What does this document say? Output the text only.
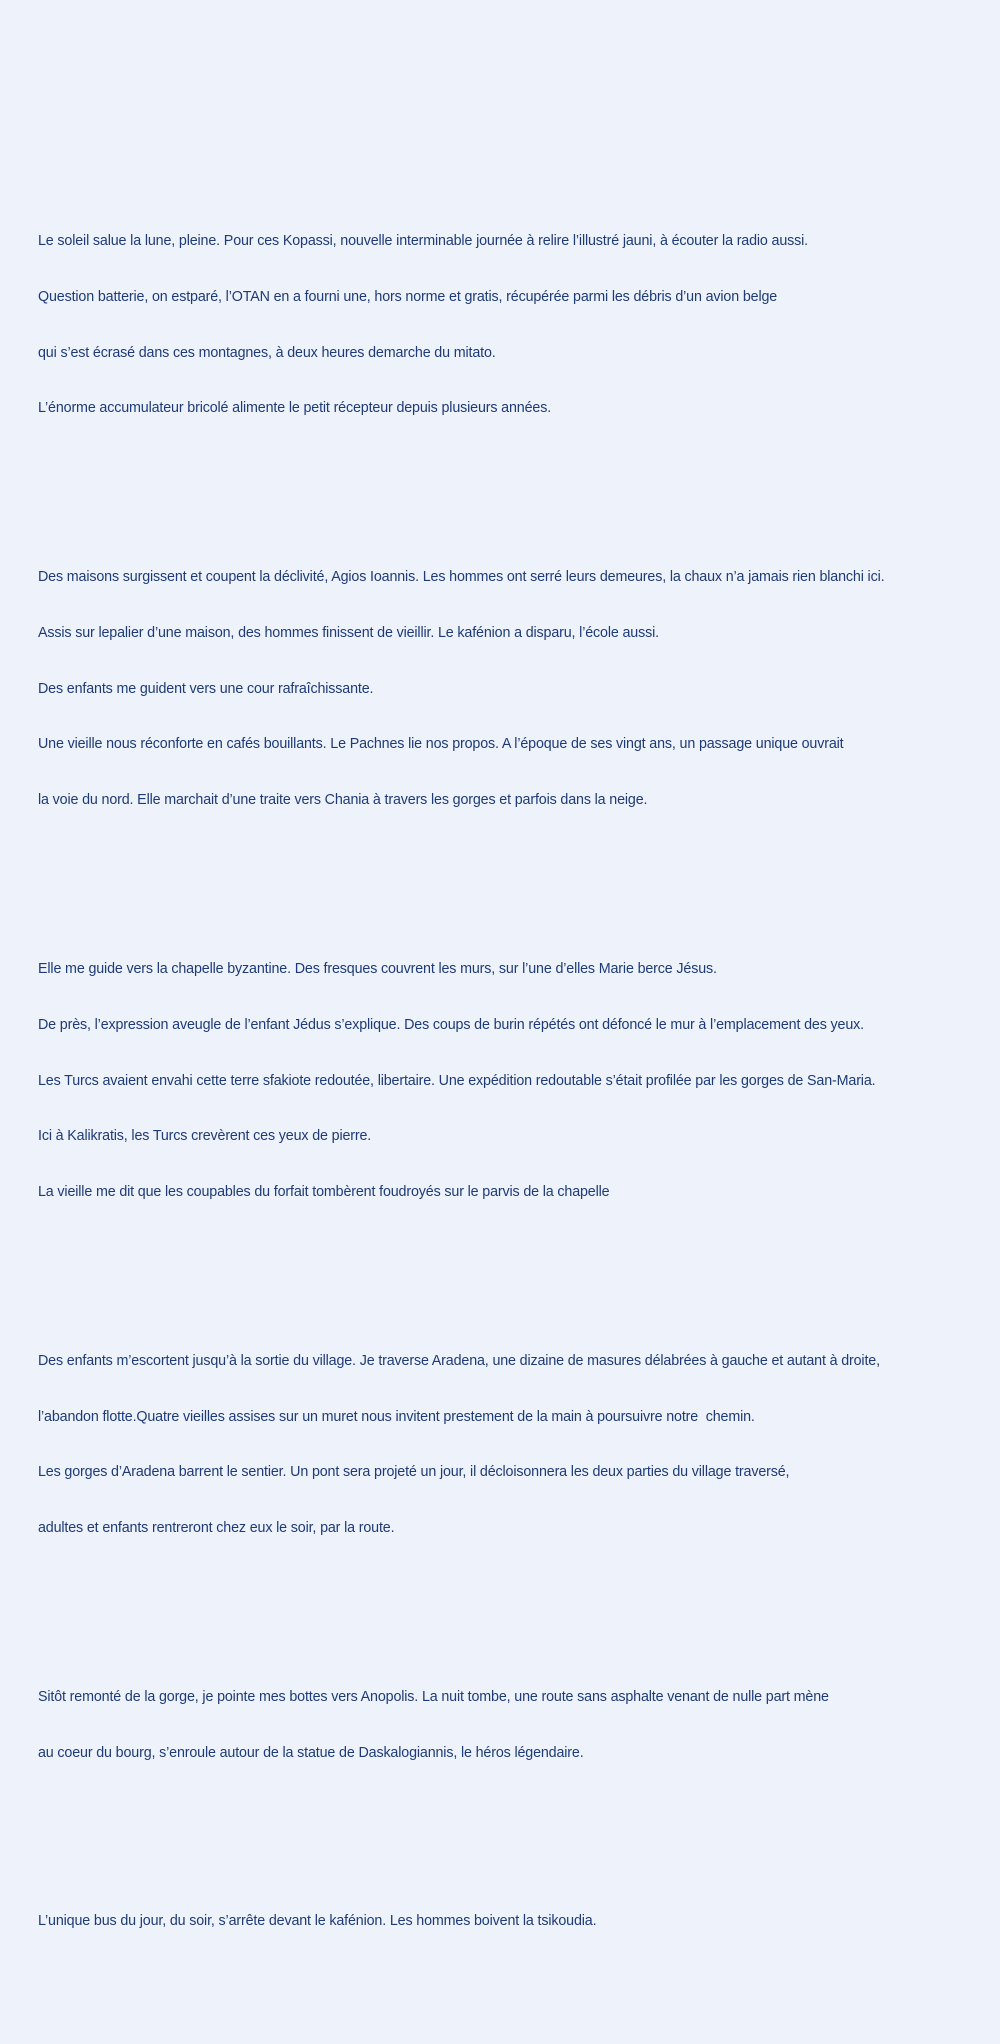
Le soleil salue la lune, pleine. Pour ces Kopassi, nouvelle interminable journée à relire l’illustré jauni, à écouter la radio aussi.

Question batterie, on estparé, l’OTAN en a fourni une, hors norme et gratis, récupérée parmi les débris d’un avion belge

qui s’est écrasé dans ces montagnes, à deux heures demarche du mitato.

L’énorme accumulateur bricolé alimente le petit récepteur depuis plusieurs années.

Des maisons surgissent et coupent la déclivité, Agios Ioannis. Les hommes ont serré leurs demeures, la chaux n’a jamais rien blanchi ici.

Assis sur lepalier d’une maison, des hommes finissent de vieillir. Le kafénion a disparu, l’école aussi.

Des enfants me guident vers une cour rafraîchissante.

Une vieille nous réconforte en cafés bouillants. Le Pachnes lie nos propos. A l’époque de ses vingt ans, un passage unique ouvrait

la voie du nord. Elle marchait d’une traite vers Chania à travers les gorges et parfois dans la neige.

Elle me guide vers la chapelle byzantine. Des fresques couvrent les murs, sur l’une d’elles Marie berce Jésus.

De près, l’expression aveugle de l’enfant Jédus s’explique. Des coups de burin répétés ont défoncé le mur à l’emplacement des yeux.

Les Turcs avaient envahi cette terre sfakiote redoutée, libertaire. Une expédition redoutable s’était profilée par les gorges de San-Maria.

Ici à Kalikratis, les Turcs crevèrent ces yeux de pierre.

La vieille me dit que les coupables du forfait tombèrent foudroyés sur le parvis de la chapelle

Des enfants m’escortent jusqu’à la sortie du village. Je traverse Aradena, une dizaine de masures délabrées à gauche et autant à droite,

l’abandon flotte.Quatre vieilles assises sur un muret nous invitent prestement de la main à poursuivre notre  chemin.

Les gorges d’Aradena barrent le sentier. Un pont sera projeté un jour, il décloisonnera les deux parties du village traversé,

adultes et enfants rentreront chez eux le soir, par la route.

Sitôt remonté de la gorge, je pointe mes bottes vers Anopolis. La nuit tombe, une route sans asphalte venant de nulle part mène

au coeur du bourg, s’enroule autour de la statue de Daskalogiannis, le héros légendaire.

L’unique bus du jour, du soir, s’arrête devant le kafénion. Les hommes boivent la tsikoudia.
